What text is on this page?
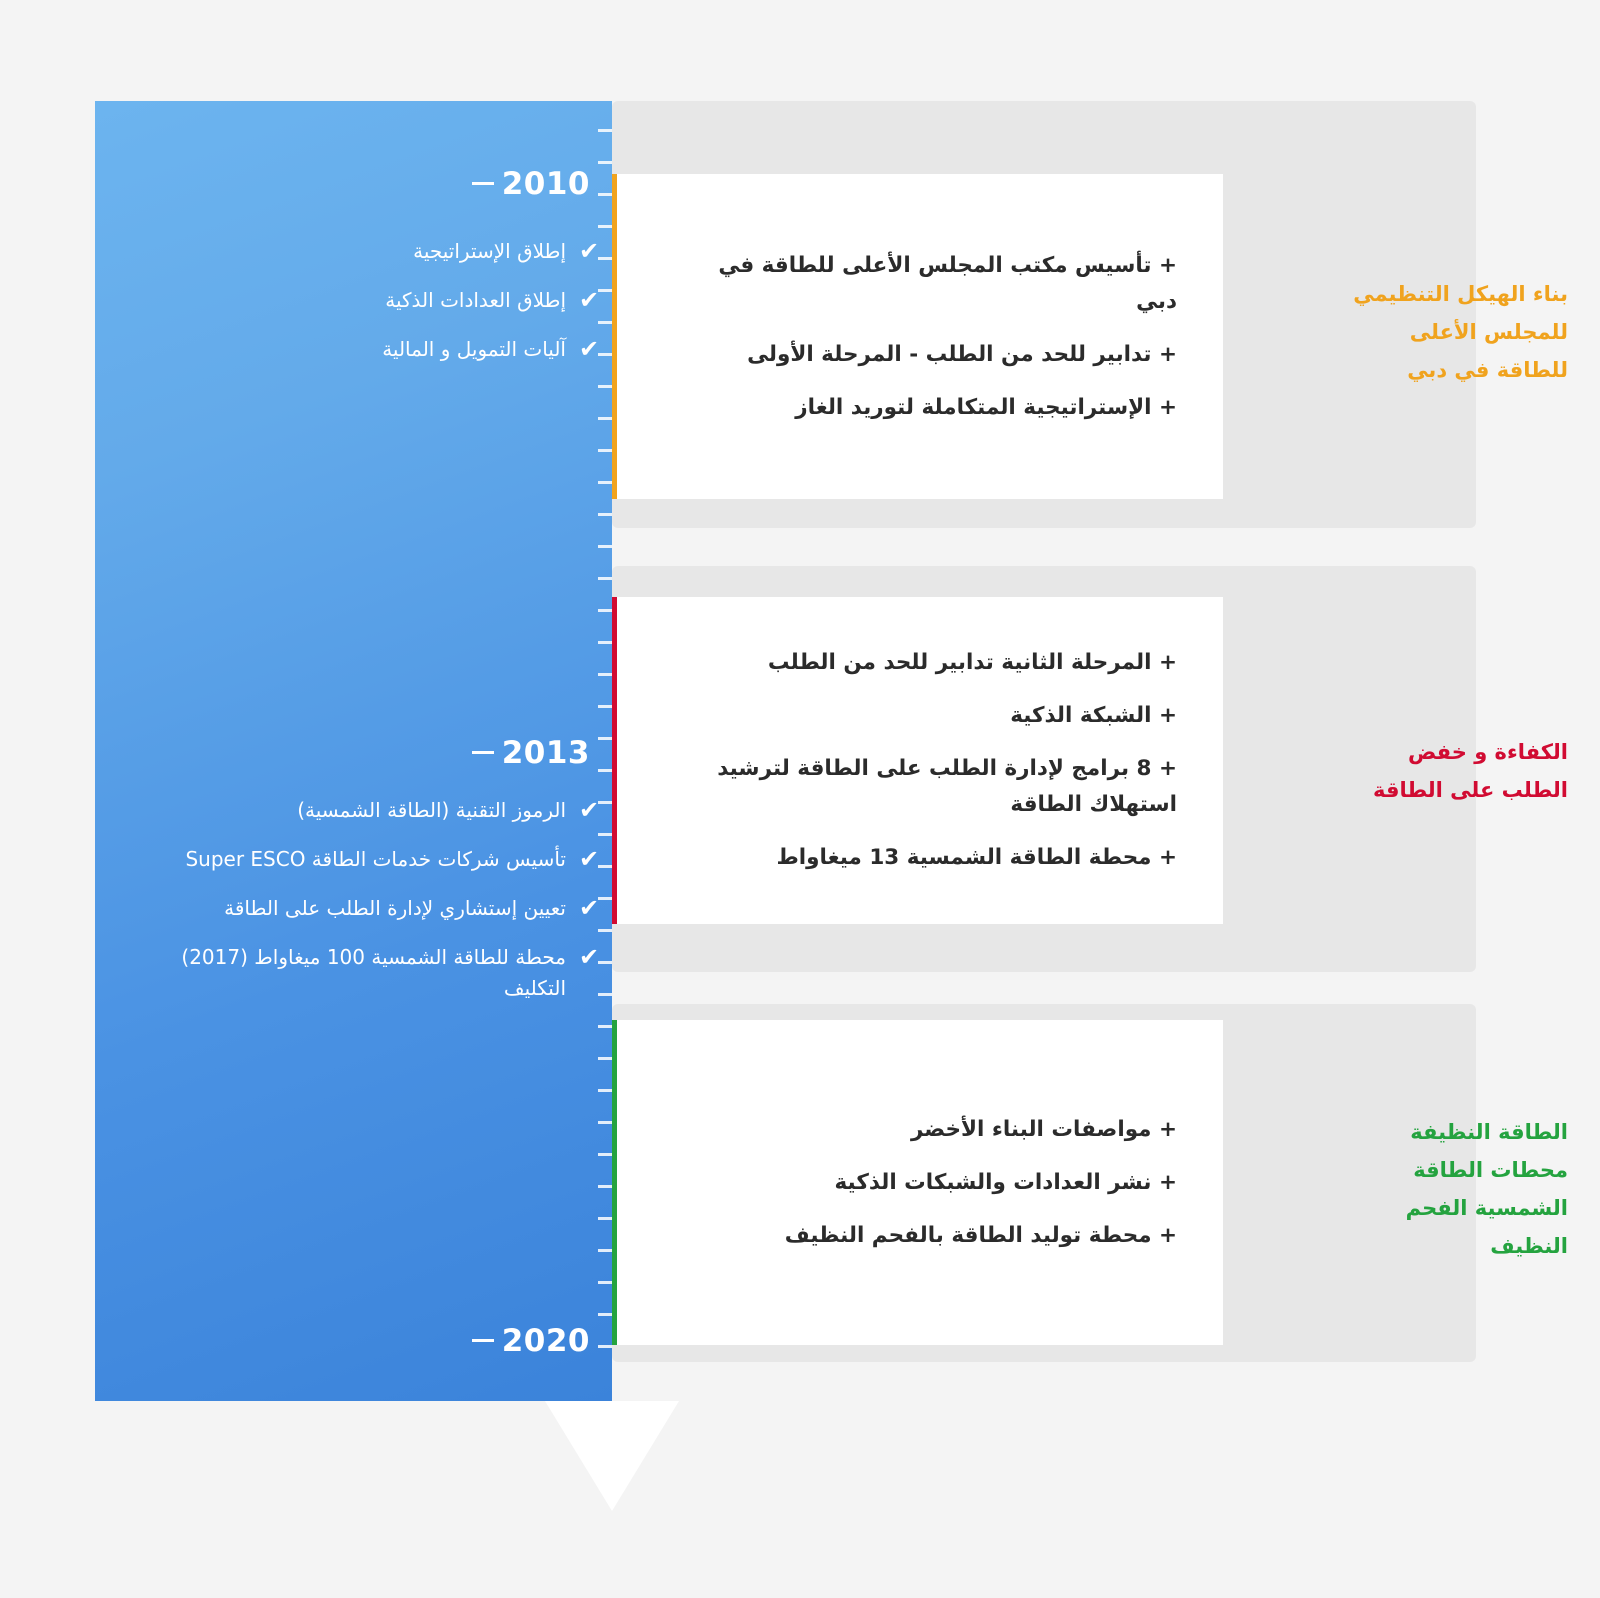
2010
2013
2020
✔
إطلاق الإستراتيجية
✔
إطلاق العدادات الذكية
✔
آليات التمويل و المالية
✔
الرموز التقنية (الطاقة الشمسية)
✔
تأسيس شركات خدمات الطاقة Super ESCO
✔
تعيين إستشاري لإدارة الطلب على الطاقة
✔
محطة للطاقة الشمسية 100 ميغاواط (2017) التكليف
+ تأسيس مكتب المجلس الأعلى للطاقة في دبي
+ تدابير للحد من الطلب - المرحلة الأولى
+ الإستراتيجية المتكاملة لتوريد الغاز
بناء الهيكل التنظيمي للمجلس الأعلى للطاقة في دبي
+ المرحلة الثانية تدابير للحد من الطلب
+ الشبكة الذكية
+ 8 برامج لإدارة الطلب على الطاقة لترشيد استهلاك الطاقة
+ محطة الطاقة الشمسية 13 ميغاواط
الكفاءة و خفض الطلب على الطاقة
+ مواصفات البناء الأخضر
+ نشر العدادات والشبكات الذكية
+ محطة توليد الطاقة بالفحم النظيف
الطاقة النظيفة محطات الطاقة الشمسية الفحم النظيف
